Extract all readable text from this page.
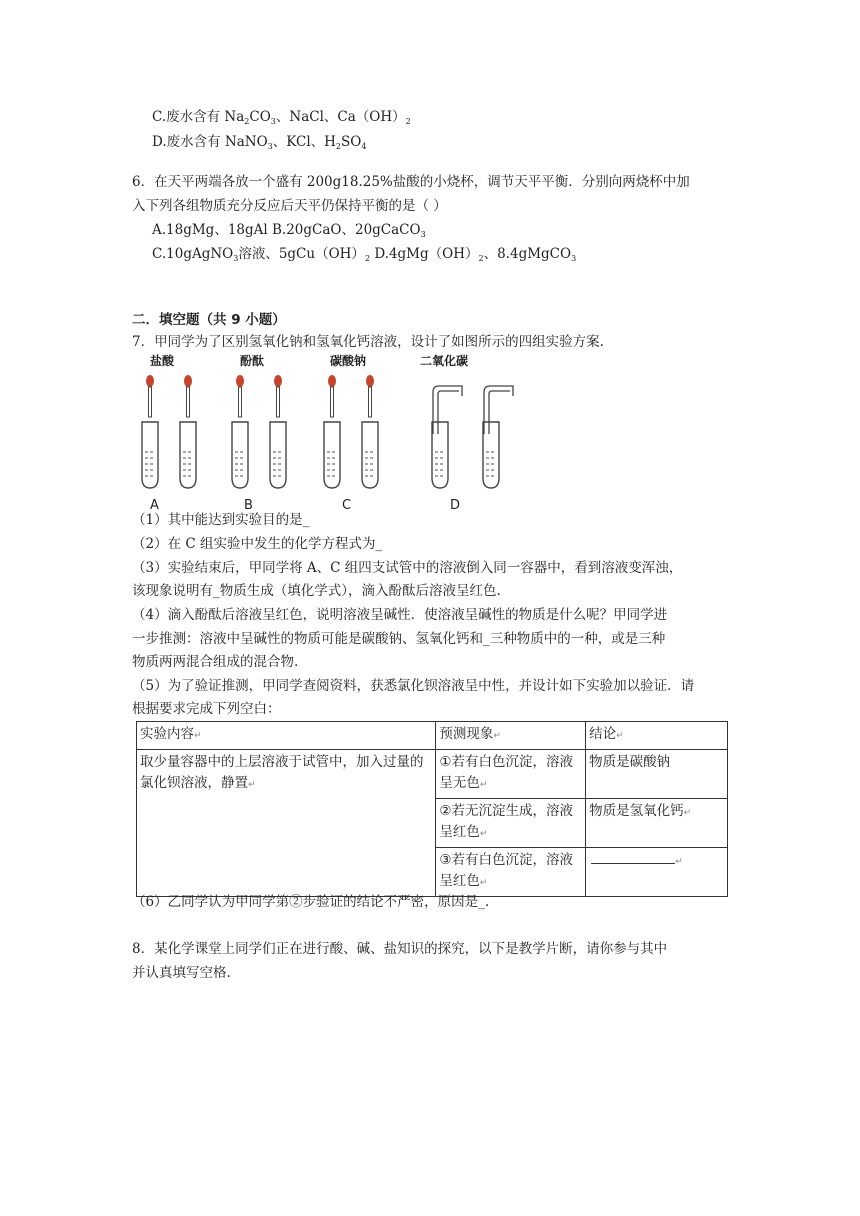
C.废水含有 $Na_2CO_3$、NaCl、$Ca(OH)_2$
D.废水含有 NaNO$_3$、KCl、$H_2SO_4$
6．在天平两端各放一个盛有 200g18.25%盐酸的小烧杯，调节天平平衡．分别向两烧杯中加
入下列各组物质充分反应后天平仍保持平衡的是（ ）
A.18gMg、18gAl B.20gCaO、20gCaCO$_3$
C.10gAgNO$_3$溶液、$5gCu(OH)_2$ $D.4gMg(OH)_2$、8.4gMgCO$_3$
二．填空题（共 9 小题）
7．甲同学为了区别氢氧化钠和氢氧化钙溶液，设计了如图所示的四组实验方案.
盐酸	酚酞	碳酸钠	二氧化碳
A	B	C	D
（1）其中能达到实验目的是_
（2）在 C 组实验中发生的化学方程式为_
（3）实验结束后，甲同学将 A、C 组四支试管中的溶液倒入同一容器中，看到溶液变浑浊，
该现象说明有_物质生成（填化学式），滴入酚酞后溶液呈红色.
（4）滴入酚酞后溶液呈红色，说明溶液呈碱性．使溶液呈碱性的物质是什么呢？甲同学进
一步推测：溶液中呈碱性的物质可能是碳酸钠、氢氧化钙和_三种物质中的一种，或是三种
物质两两混合组成的混合物.
（5）为了验证推测，甲同学查阅资料，获悉氯化钡溶液呈中性，并设计如下实验加以验证．请
根据要求完成下列空白：
实验内容↵	预测现象↵	结论↵
取少量容器中的上层溶液于试管中，加入过量的氯化钡溶液，静置↵	①若有白色沉淀，溶液呈无色↵	物质是碳酸钠
	②若无沉淀生成，溶液呈红色↵	物质是氢氧化钙↵
	③若有白色沉淀，溶液呈红色↵	↵
（6）乙同学认为甲同学第②步验证的结论不严密，原因是_.
8．某化学课堂上同学们正在进行酸、碱、盐知识的探究，以下是教学片断，请你参与其中
并认真填写空格.
